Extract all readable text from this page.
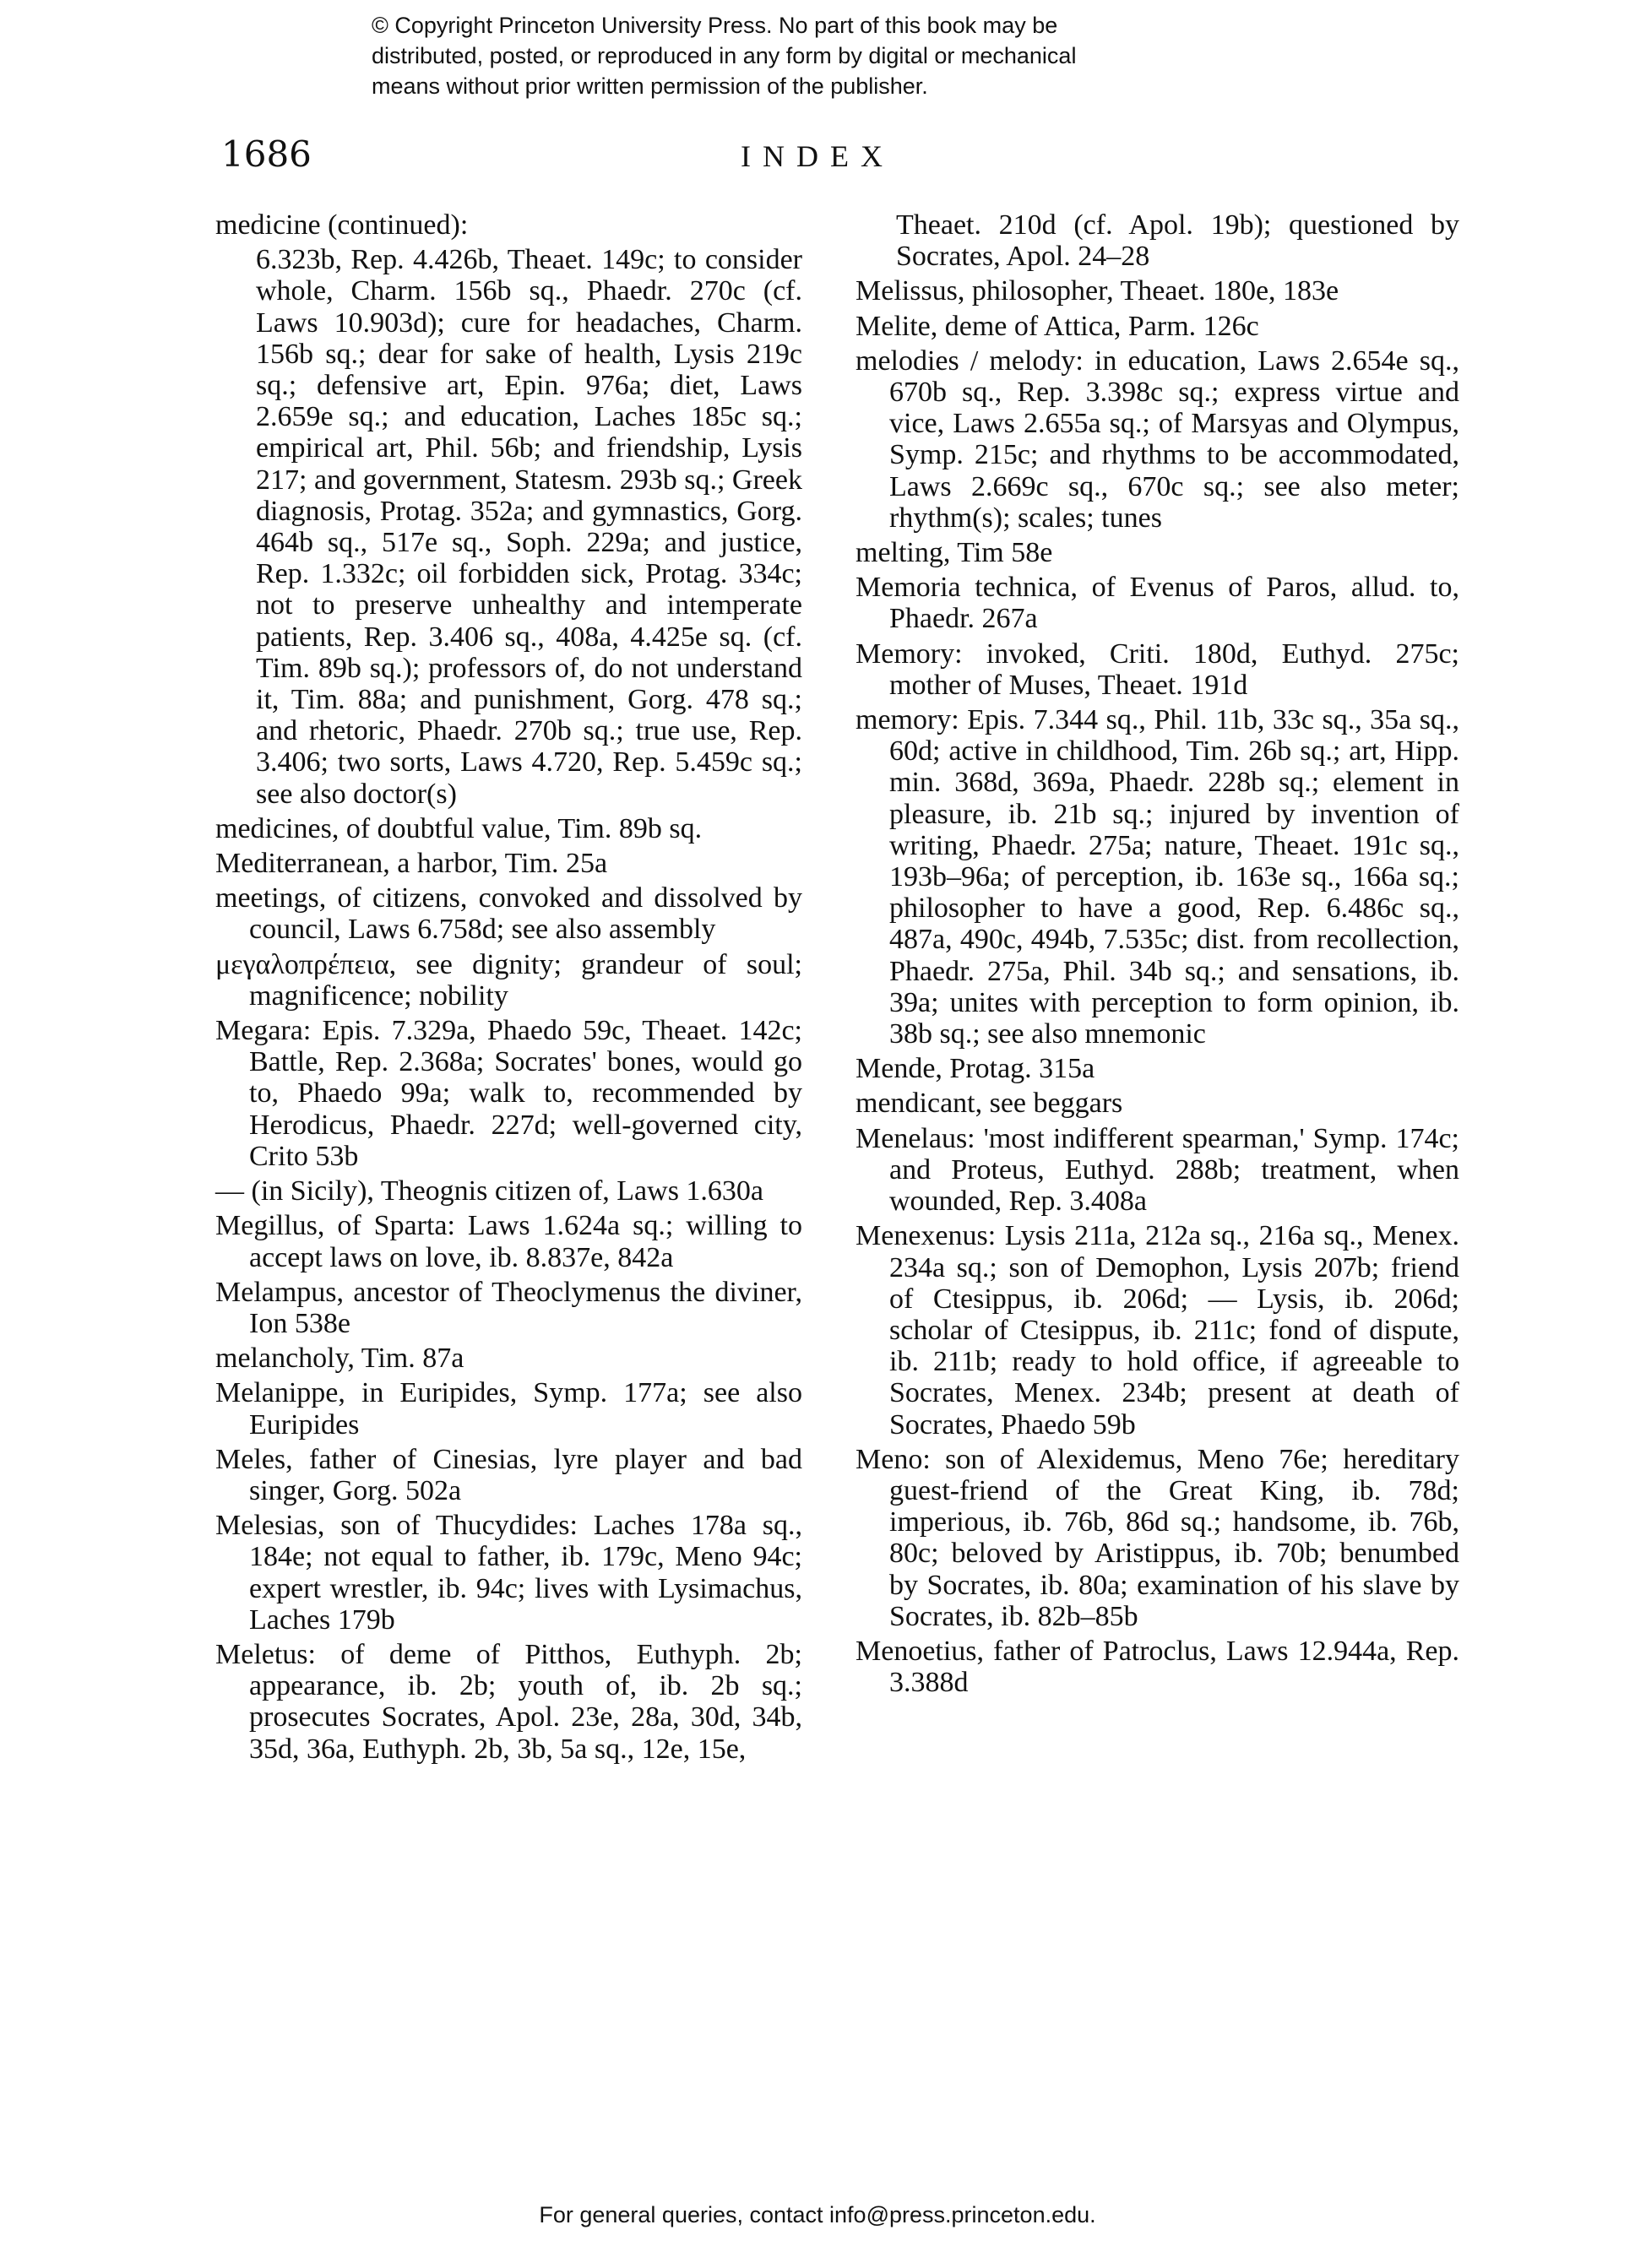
© Copyright Princeton University Press. No part of this book may be
distributed, posted, or reproduced in any form by digital or mechanical
means without prior written permission of the publisher.
1686	INDEX
medicine (continued):
6.323b, Rep. 4.426b, Theaet. 149c; to consider whole, Charm. 156b sq., Phaedr. 270c (cf. Laws 10.903d); cure for headaches, Charm. 156b sq.; dear for sake of health, Lysis 219c sq.; defensive art, Epin. 976a; diet, Laws 2.659e sq.; and education, Laches 185c sq.; empirical art, Phil. 56b; and friendship, Lysis 217; and government, Statesm. 293b sq.; Greek diagnosis, Protag. 352a; and gymnastics, Gorg. 464b sq., 517e sq., Soph. 229a; and justice, Rep. 1.332c; oil forbidden sick, Protag. 334c; not to preserve unhealthy and intemperate patients, Rep. 3.406 sq., 408a, 4.425e sq. (cf. Tim. 89b sq.); professors of, do not understand it, Tim. 88a; and punishment, Gorg. 478 sq.; and rhetoric, Phaedr. 270b sq.; true use, Rep. 3.406; two sorts, Laws 4.720, Rep. 5.459c sq.; see also doctor(s)
medicines, of doubtful value, Tim. 89b sq.
Mediterranean, a harbor, Tim. 25a
meetings, of citizens, convoked and dissolved by council, Laws 6.758d; see also assembly
μεγαλοπρέπεια, see dignity; grandeur of soul; magnificence; nobility
Megara: Epis. 7.329a, Phaedo 59c, Theaet. 142c; Battle, Rep. 2.368a; Socrates' bones, would go to, Phaedo 99a; walk to, recommended by Herodicus, Phaedr. 227d; well-governed city, Crito 53b
— (in Sicily), Theognis citizen of, Laws 1.630a
Megillus, of Sparta: Laws 1.624a sq.; willing to accept laws on love, ib. 8.837e, 842a
Melampus, ancestor of Theoclymenus the diviner, Ion 538e
melancholy, Tim. 87a
Melanippe, in Euripides, Symp. 177a; see also Euripides
Meles, father of Cinesias, lyre player and bad singer, Gorg. 502a
Melesias, son of Thucydides: Laches 178a sq., 184e; not equal to father, ib. 179c, Meno 94c; expert wrestler, ib. 94c; lives with Lysimachus, Laches 179b
Meletus: of deme of Pitthos, Euthyph. 2b; appearance, ib. 2b; youth of, ib. 2b sq.; prosecutes Socrates, Apol. 23e, 28a, 30d, 34b, 35d, 36a, Euthyph. 2b, 3b, 5a sq., 12e, 15e,
Theaet. 210d (cf. Apol. 19b); questioned by Socrates, Apol. 24–28
Melissus, philosopher, Theaet. 180e, 183e
Melite, deme of Attica, Parm. 126c
melodies / melody: in education, Laws 2.654e sq., 670b sq., Rep. 3.398c sq.; express virtue and vice, Laws 2.655a sq.; of Marsyas and Olympus, Symp. 215c; and rhythms to be accommodated, Laws 2.669c sq., 670c sq.; see also meter; rhythm(s); scales; tunes
melting, Tim 58e
Memoria technica, of Evenus of Paros, allud. to, Phaedr. 267a
Memory: invoked, Criti. 180d, Euthyd. 275c; mother of Muses, Theaet. 191d
memory: Epis. 7.344 sq., Phil. 11b, 33c sq., 35a sq., 60d; active in childhood, Tim. 26b sq.; art, Hipp. min. 368d, 369a, Phaedr. 228b sq.; element in pleasure, ib. 21b sq.; injured by invention of writing, Phaedr. 275a; nature, Theaet. 191c sq., 193b–96a; of perception, ib. 163e sq., 166a sq.; philosopher to have a good, Rep. 6.486c sq., 487a, 490c, 494b, 7.535c; dist. from recollection, Phaedr. 275a, Phil. 34b sq.; and sensations, ib. 39a; unites with perception to form opinion, ib. 38b sq.; see also mnemonic
Mende, Protag. 315a
mendicant, see beggars
Menelaus: 'most indifferent spearman,' Symp. 174c; and Proteus, Euthyd. 288b; treatment, when wounded, Rep. 3.408a
Menexenus: Lysis 211a, 212a sq., 216a sq., Menex. 234a sq.; son of Demophon, Lysis 207b; friend of Ctesippus, ib. 206d; — Lysis, ib. 206d; scholar of Ctesippus, ib. 211c; fond of dispute, ib. 211b; ready to hold office, if agreeable to Socrates, Menex. 234b; present at death of Socrates, Phaedo 59b
Meno: son of Alexidemus, Meno 76e; hereditary guest-friend of the Great King, ib. 78d; imperious, ib. 76b, 86d sq.; handsome, ib. 76b, 80c; beloved by Aristippus, ib. 70b; benumbed by Socrates, ib. 80a; examination of his slave by Socrates, ib. 82b–85b
Menoetius, father of Patroclus, Laws 12.944a, Rep. 3.388d
For general queries, contact info@press.princeton.edu.
